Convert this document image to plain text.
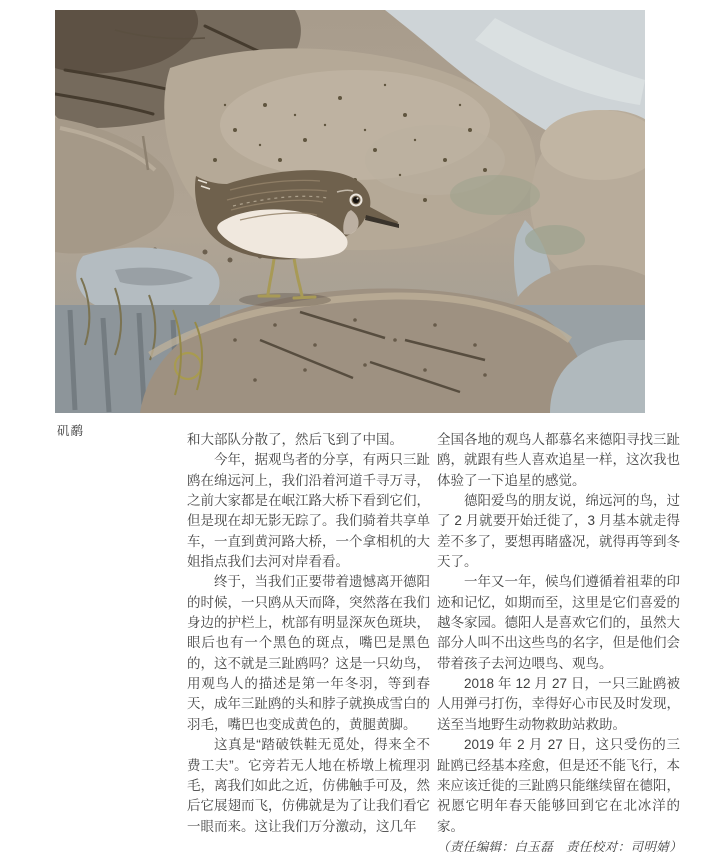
矶鹬

和大部队分散了，然后飞到了中国。

今年，据观鸟者的分享，有两只三趾鸥在绵远河上，我们沿着河道千寻万寻，之前大家都是在岷江路大桥下看到它们，但是现在却无影无踪了。我们骑着共享单车，一直到黄河路大桥，一个拿相机的大姐指点我们去河对岸看看。

终于，当我们正要带着遗憾离开德阳的时候，一只鸥从天而降，突然落在我们身边的护栏上，枕部有明显深灰色斑块，眼后也有一个黑色的斑点，嘴巴是黑色的，这不就是三趾鸥吗？这是一只幼鸟，用观鸟人的描述是第一年冬羽，等到春天，成年三趾鸥的头和脖子就换成雪白的羽毛，嘴巴也变成黄色的，黄腿黄脚。

这真是“踏破铁鞋无觅处，得来全不费工夫”。它旁若无人地在桥墩上梳理羽毛，离我们如此之近，仿佛触手可及，然后它展翅而飞，仿佛就是为了让我们看它一眼而来。这让我们万分激动，这几年

全国各地的观鸟人都慕名来德阳寻找三趾鸥，就跟有些人喜欢追星一样，这次我也体验了一下追星的感觉。

德阳爱鸟的朋友说，绵远河的鸟，过了 2 月就要开始迁徙了，3 月基本就走得差不多了，要想再睹盛况，就得再等到冬天了。

一年又一年，候鸟们遵循着祖辈的印迹和记忆，如期而至，这里是它们喜爱的越冬家园。德阳人是喜欢它们的，虽然大部分人叫不出这些鸟的名字，但是他们会带着孩子去河边喂鸟、观鸟。

2018 年 12 月 27 日，一只三趾鸥被人用弹弓打伤，幸得好心市民及时发现，送至当地野生动物救助站救助。

2019 年 2 月 27 日，这只受伤的三趾鸥已经基本痊愈，但是还不能飞行，本来应该迁徙的三趾鸥只能继续留在德阳，祝愿它明年春天能够回到它在北冰洋的家。

（责任编辑：白玉磊　责任校对：司明婧）
